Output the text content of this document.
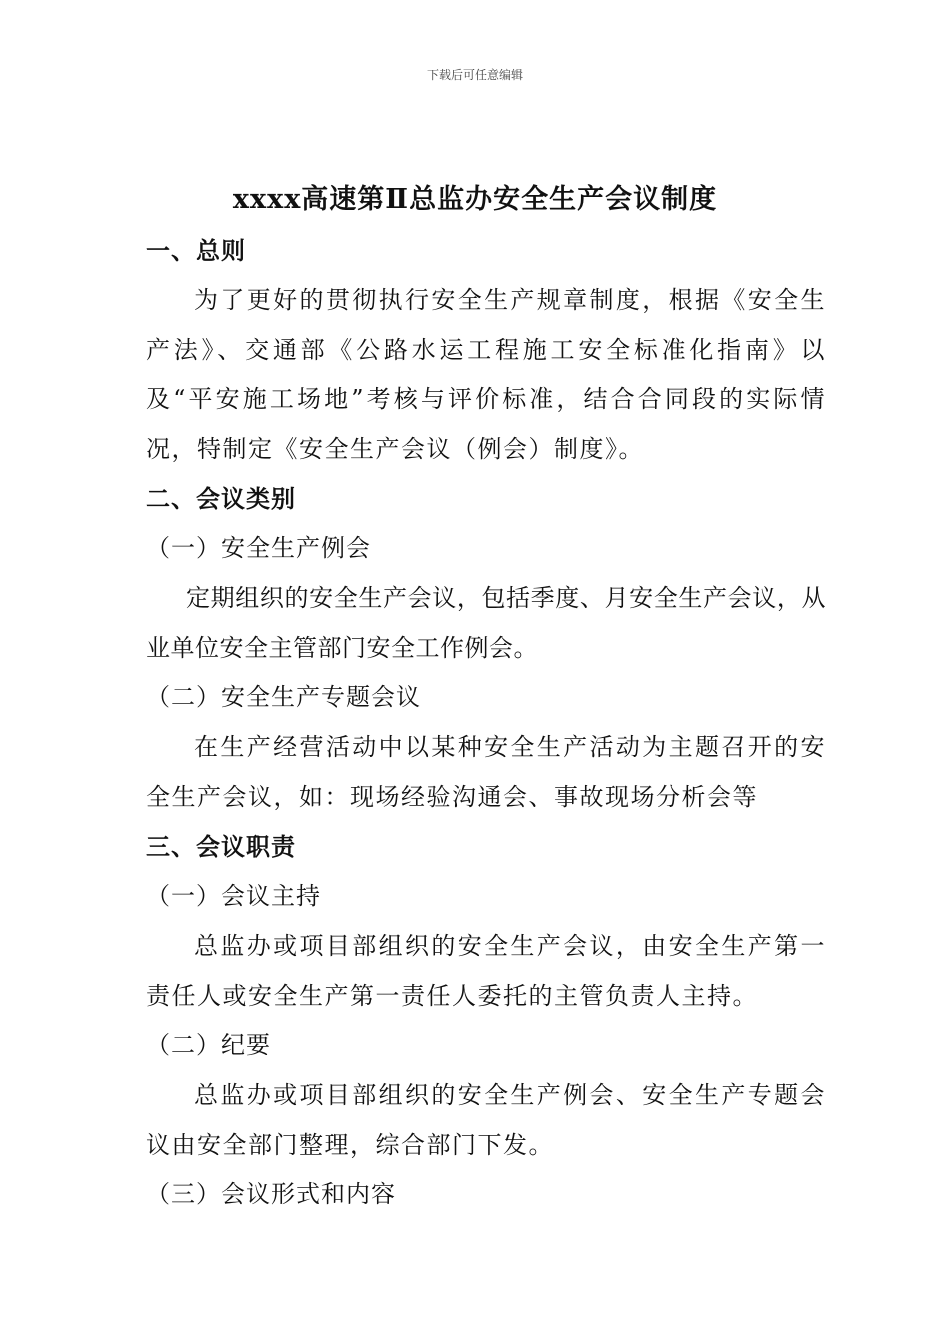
下载后可任意编辑
xxxx高速第Ⅱ总监办安全生产会议制度
一、总则

为了更好的贯彻执行安全生产规章制度，根据《安全生产法》、交通部《公路水运工程施工安全标准化指南》以及“平安施工场地”考核与评价标准，结合合同段的实际情况，特制定《安全生产会议（例会）制度》。

二、会议类别
（一）安全生产例会

定期组织的安全生产会议，包括季度、月安全生产会议，从业单位安全主管部门安全工作例会。

（二）安全生产专题会议

在生产经营活动中以某种安全生产活动为主题召开的安全生产会议，如：现场经验沟通会、事故现场分析会等

三、会议职责
（一）会议主持

总监办或项目部组织的安全生产会议，由安全生产第一责任人或安全生产第一责任人委托的主管负责人主持。

（二）纪要

总监办或项目部组织的安全生产例会、安全生产专题会议由安全部门整理，综合部门下发。

（三）会议形式和内容
